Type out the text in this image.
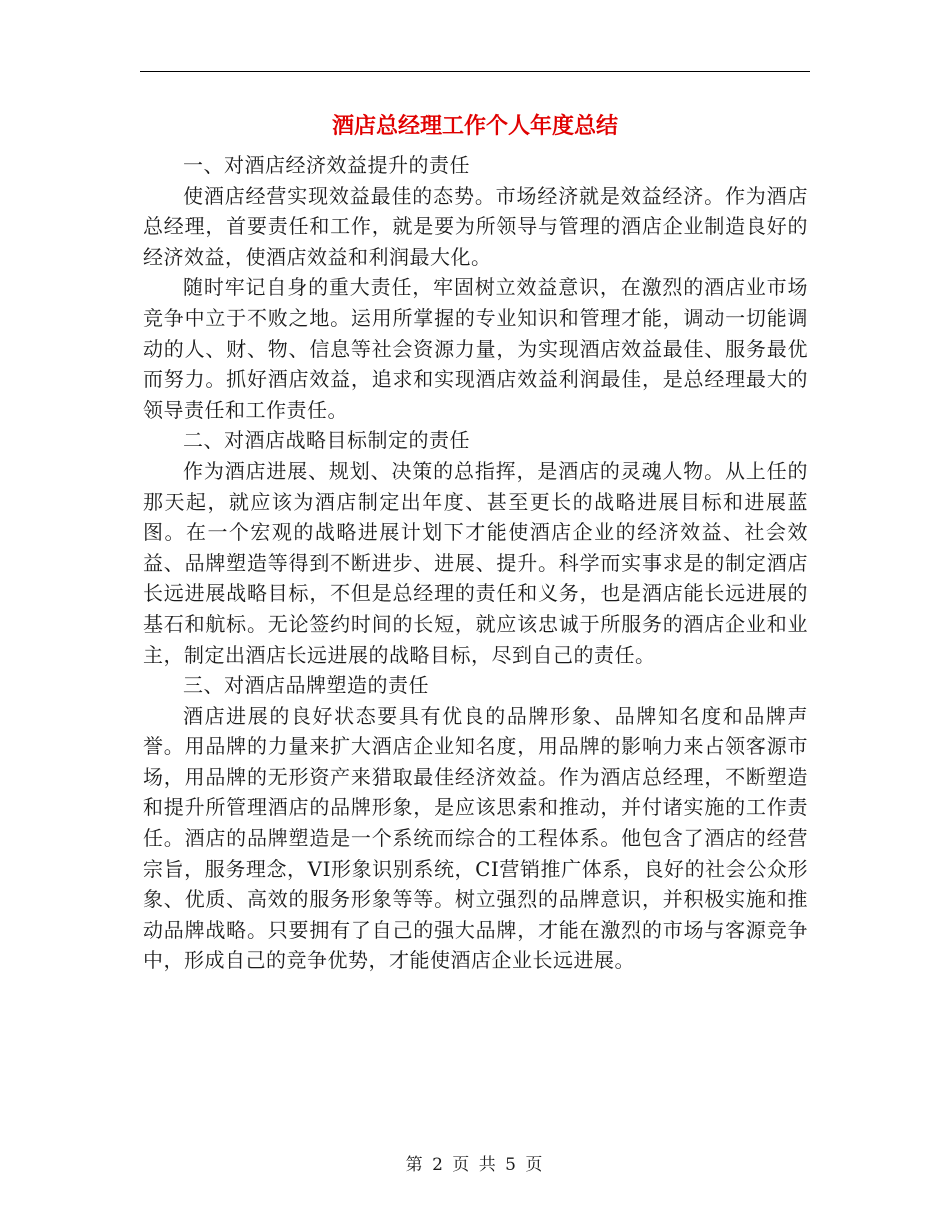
酒店总经理工作个人年度总结

一、对酒店经济效益提升的责任

使酒店经营实现效益最佳的态势。市场经济就是效益经济。作为酒店总经理，首要责任和工作，就是要为所领导与管理的酒店企业制造良好的经济效益，使酒店效益和利润最大化。

随时牢记自身的重大责任，牢固树立效益意识，在激烈的酒店业市场竞争中立于不败之地。运用所掌握的专业知识和管理才能，调动一切能调动的人、财、物、信息等社会资源力量，为实现酒店效益最佳、服务最优而努力。抓好酒店效益，追求和实现酒店效益利润最佳，是总经理最大的领导责任和工作责任。

二、对酒店战略目标制定的责任

作为酒店进展、规划、决策的总指挥，是酒店的灵魂人物。从上任的那天起，就应该为酒店制定出年度、甚至更长的战略进展目标和进展蓝图。在一个宏观的战略进展计划下才能使酒店企业的经济效益、社会效益、品牌塑造等得到不断进步、进展、提升。科学而实事求是的制定酒店长远进展战略目标，不但是总经理的责任和义务，也是酒店能长远进展的基石和航标。无论签约时间的长短，就应该忠诚于所服务的酒店企业和业主，制定出酒店长远进展的战略目标，尽到自己的责任。

三、对酒店品牌塑造的责任

酒店进展的良好状态要具有优良的品牌形象、品牌知名度和品牌声誉。用品牌的力量来扩大酒店企业知名度，用品牌的影响力来占领客源市场，用品牌的无形资产来猎取最佳经济效益。作为酒店总经理，不断塑造和提升所管理酒店的品牌形象，是应该思索和推动，并付诸实施的工作责任。酒店的品牌塑造是一个系统而综合的工程体系。他包含了酒店的经营宗旨，服务理念，VI形象识别系统，CI营销推广体系，良好的社会公众形象、优质、高效的服务形象等等。树立强烈的品牌意识，并积极实施和推动品牌战略。只要拥有了自己的强大品牌，才能在激烈的市场与客源竞争中，形成自己的竞争优势，才能使酒店企业长远进展。

第 2 页 共 5 页
